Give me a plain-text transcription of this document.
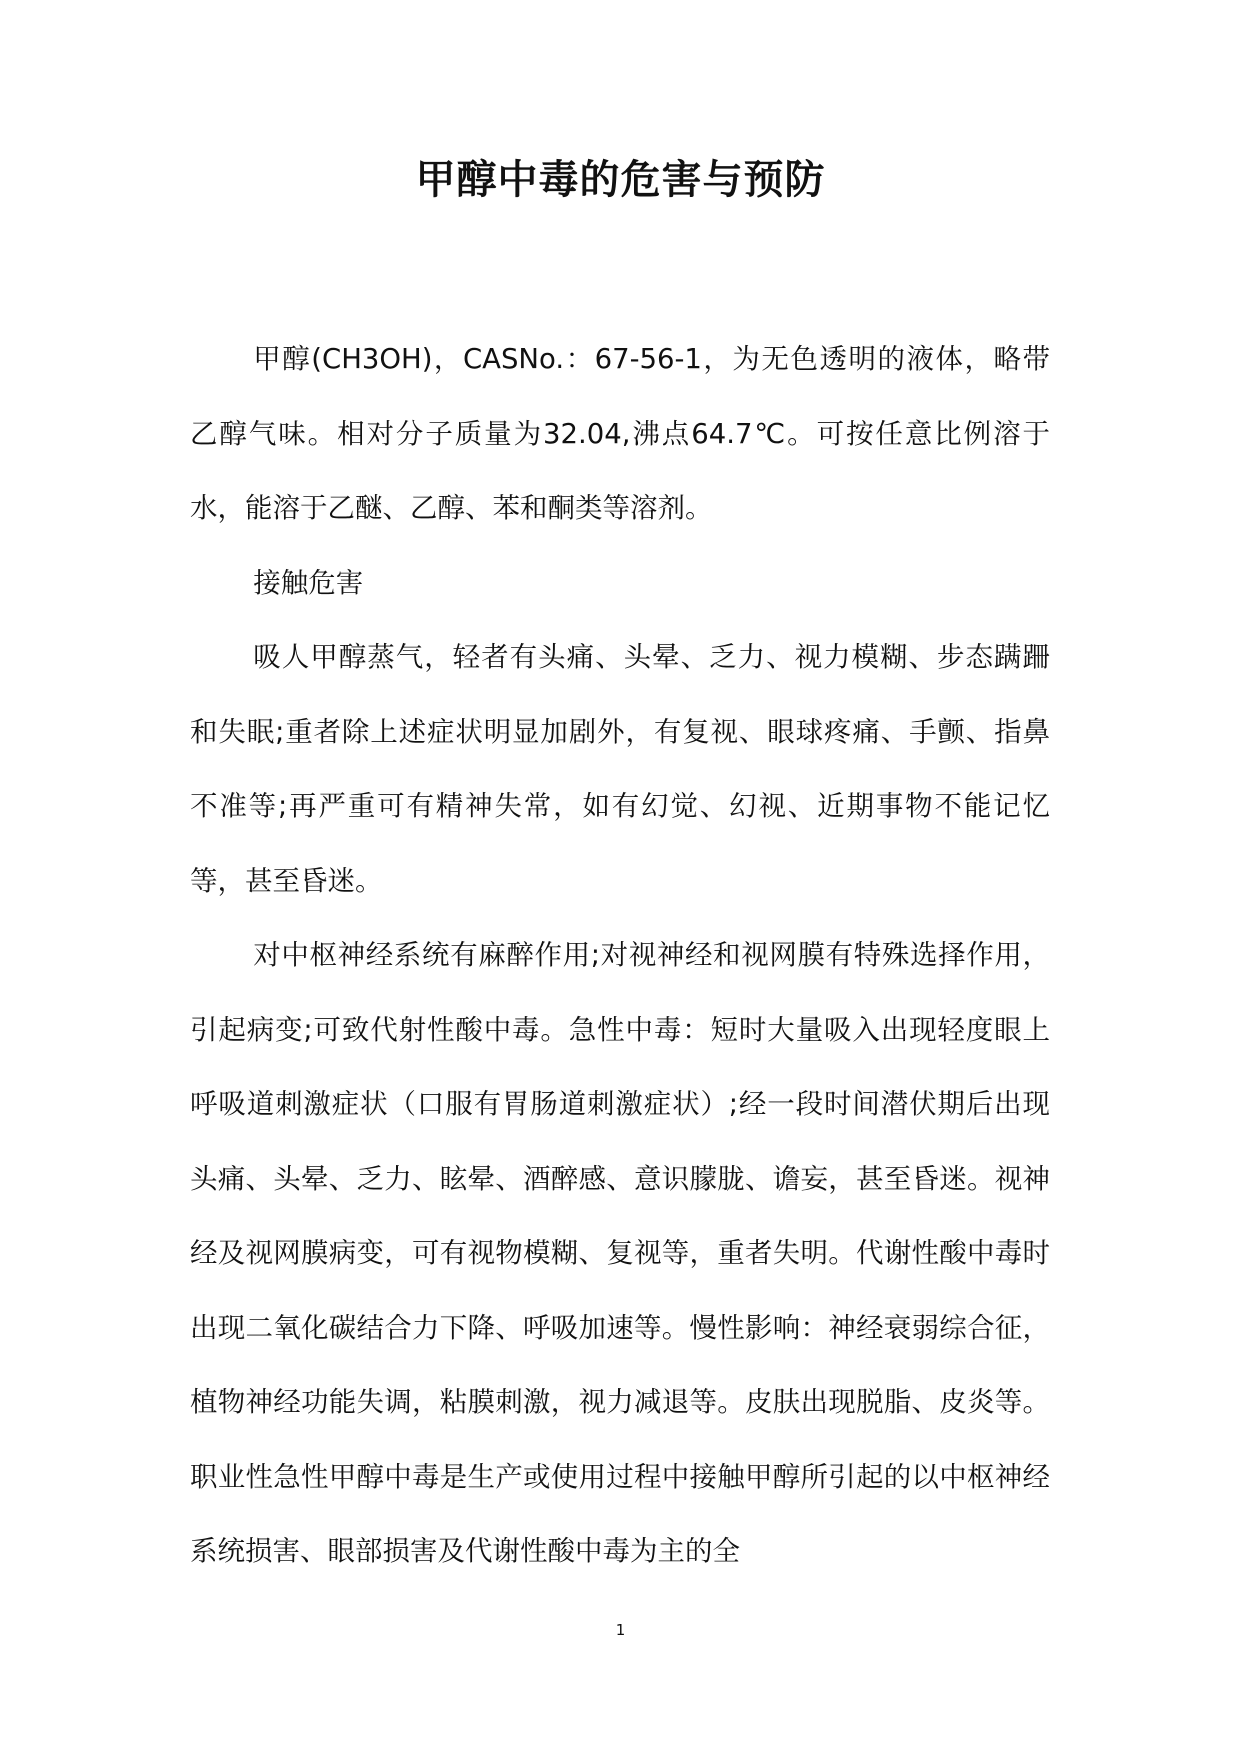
甲醇中毒的危害与预防

甲醇(CH3OH)，CASNo.：67-56-1，为无色透明的液体，略带乙醇气味。相对分子质量为32.04,沸点64.7℃。可按任意比例溶于水，能溶于乙醚、乙醇、苯和酮类等溶剂。

接触危害

吸人甲醇蒸气，轻者有头痛、头晕、乏力、视力模糊、步态蹒跚和失眠;重者除上述症状明显加剧外，有复视、眼球疼痛、手颤、指鼻不准等;再严重可有精神失常，如有幻觉、幻视、近期事物不能记忆等，甚至昏迷。

对中枢神经系统有麻醉作用;对视神经和视网膜有特殊选择作用，引起病变;可致代射性酸中毒。急性中毒：短时大量吸入出现轻度眼上呼吸道刺激症状（口服有胃肠道刺激症状）;经一段时间潜伏期后出现头痛、头晕、乏力、眩晕、酒醉感、意识朦胧、谵妄，甚至昏迷。视神经及视网膜病变，可有视物模糊、复视等，重者失明。代谢性酸中毒时出现二氧化碳结合力下降、呼吸加速等。慢性影响：神经衰弱综合征，植物神经功能失调，粘膜刺激，视力减退等。皮肤出现脱脂、皮炎等。职业性急性甲醇中毒是生产或使用过程中接触甲醇所引起的以中枢神经系统损害、眼部损害及代谢性酸中毒为主的全

1
